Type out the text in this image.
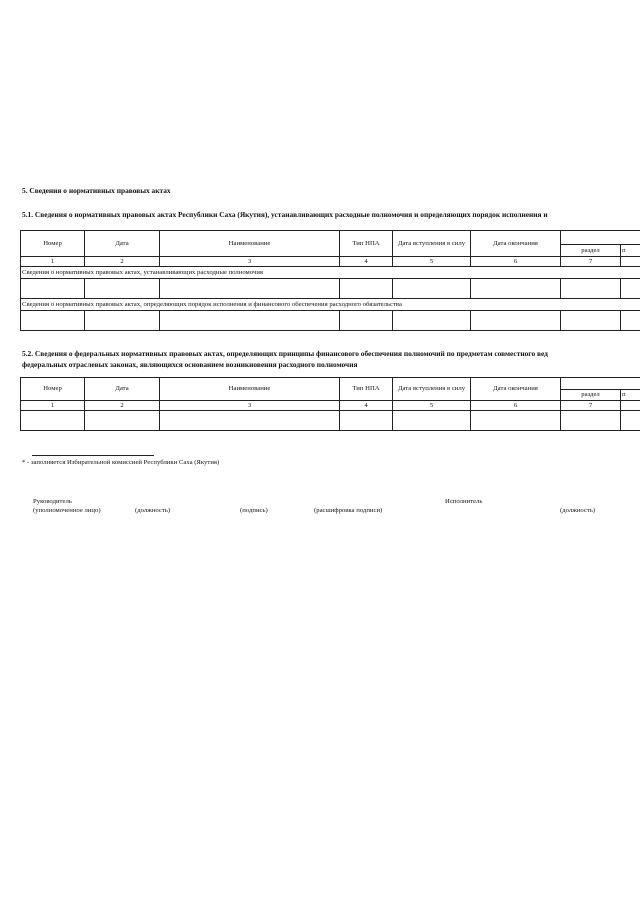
5. Сведения о нормативных правовых актах
5.1. Сведения о нормативных правовых актах Республики Саха (Якутия), устанавливающих расходные полномочия и определяющих порядок исполнения и
Номер	Дата	Наименование	Тип НПА	Дата вступления в силу	Дата окончания		
						раздел	п
1	2	3	4	5	6	7	
Сведения о нормативных правовых актах, устанавливающих расходные полномочия							

Сведения о нормативных правовых актах, определяющих порядок исполнения и финансового обеспечения расходного обязательства							

5.2. Сведения о федеральных нормативных правовых актах, определяющих принципы финансового обеспечения полномочий по предметам совместного вед
федеральных отраслевых законах, являющихся основанием возникновения расходного полномочия
Номер	Дата	Наименование	Тип НПА	Дата вступления в силу	Дата окончания		
						раздел	п
1	2	3	4	5	6	7	

* - заполняется Избирательной комиссией Республики Саха (Якутия)
Руководитель
(уполномоченное лицо)	(должность)	(подпись)	(расшифровка подписи)
Исполнитель
(должность)
